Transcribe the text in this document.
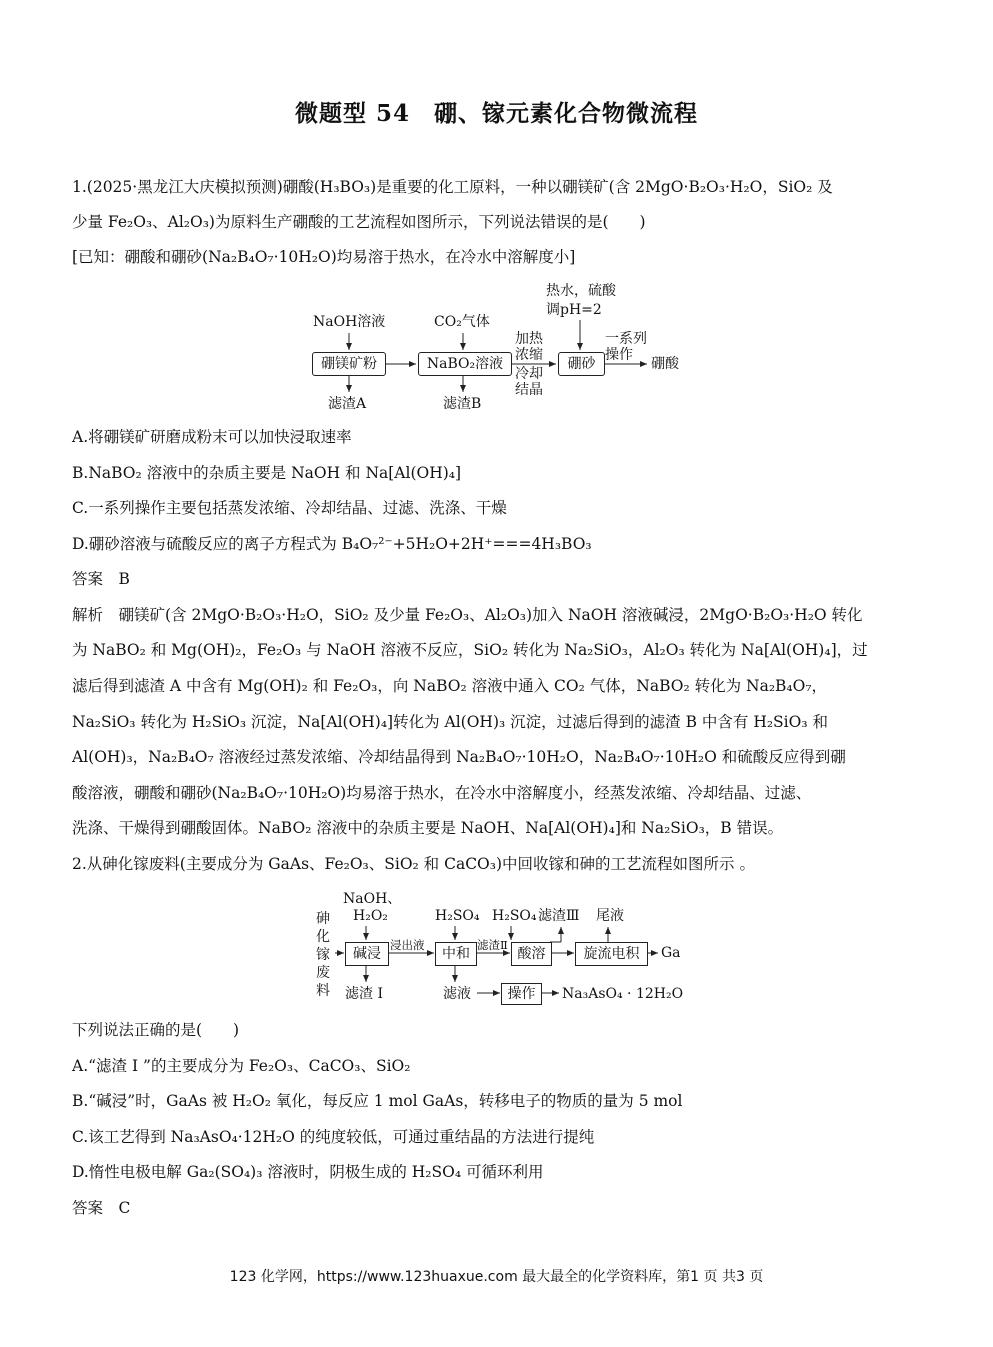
微题型 54　硼、镓元素化合物微流程
1.(2025·黑龙江大庆模拟预测)硼酸(H₃BO₃)是重要的化工原料，一种以硼镁矿(含 2MgO·B₂O₃·H₂O，SiO₂ 及
少量 Fe₂O₃、Al₂O₃)为原料生产硼酸的工艺流程如图所示，下列说法错误的是(　　)
[已知：硼酸和硼砂(Na₂B₄O₇·10H₂O)均易溶于热水，在冷水中溶解度小]
NaOH溶液	CO₂气体
热水，硫酸
调pH=2
硼镁矿粉	NaBO₂溶液	硼砂	硼酸
加热
浓缩
冷却
结晶
一系列
操作
滤渣A	滤渣B
A.将硼镁矿研磨成粉末可以加快浸取速率
B.NaBO₂ 溶液中的杂质主要是 NaOH 和 Na[Al(OH)₄]
C.一系列操作主要包括蒸发浓缩、冷却结晶、过滤、洗涤、干燥
D.硼砂溶液与硫酸反应的离子方程式为 B₄O₇²⁻+5H₂O+2H⁺===4H₃BO₃
答案　B
解析　硼镁矿(含 2MgO·B₂O₃·H₂O，SiO₂ 及少量 Fe₂O₃、Al₂O₃)加入 NaOH 溶液碱浸，2MgO·B₂O₃·H₂O 转化
为 NaBO₂ 和 Mg(OH)₂，Fe₂O₃ 与 NaOH 溶液不反应，SiO₂ 转化为 Na₂SiO₃，Al₂O₃ 转化为 Na[Al(OH)₄]，过
滤后得到滤渣 A 中含有 Mg(OH)₂ 和 Fe₂O₃，向 NaBO₂ 溶液中通入 CO₂ 气体，NaBO₂ 转化为 Na₂B₄O₇，
Na₂SiO₃ 转化为 H₂SiO₃ 沉淀，Na[Al(OH)₄]转化为 Al(OH)₃ 沉淀，过滤后得到的滤渣 B 中含有 H₂SiO₃ 和
Al(OH)₃，Na₂B₄O₇ 溶液经过蒸发浓缩、冷却结晶得到 Na₂B₄O₇·10H₂O，Na₂B₄O₇·10H₂O 和硫酸反应得到硼
酸溶液，硼酸和硼砂(Na₂B₄O₇·10H₂O)均易溶于热水，在冷水中溶解度小，经蒸发浓缩、冷却结晶、过滤、
洗涤、干燥得到硼酸固体。NaBO₂ 溶液中的杂质主要是 NaOH、Na[Al(OH)₄]和 Na₂SiO₃，B 错误。
2.从砷化镓废料(主要成分为 GaAs、Fe₂O₃、SiO₂ 和 CaCO₃)中回收镓和砷的工艺流程如图所示 。
砷
化
镓
废
料
NaOH、
H₂O₂	H₂SO₄ H₂SO₄ 滤渣Ⅲ 尾液
碱浸	中和	酸溶	旋流电积
操作
浸出液	滤渣Ⅱ	Ga
滤渣 Ⅰ	滤液	Na₃AsO₄ · 12H₂O
下列说法正确的是(　　)
A.“滤渣 Ⅰ ”的主要成分为 Fe₂O₃、CaCO₃、SiO₂
B.“碱浸”时，GaAs 被 H₂O₂ 氧化，每反应 1 mol GaAs，转移电子的物质的量为 5 mol
C.该工艺得到 Na₃AsO₄·12H₂O 的纯度较低，可通过重结晶的方法进行提纯
D.惰性电极电解 Ga₂(SO₄)₃ 溶液时，阴极生成的 H₂SO₄ 可循环利用
答案　C
123 化学网，https://www.123huaxue.com 最大最全的化学资料库，第1 页 共3 页
